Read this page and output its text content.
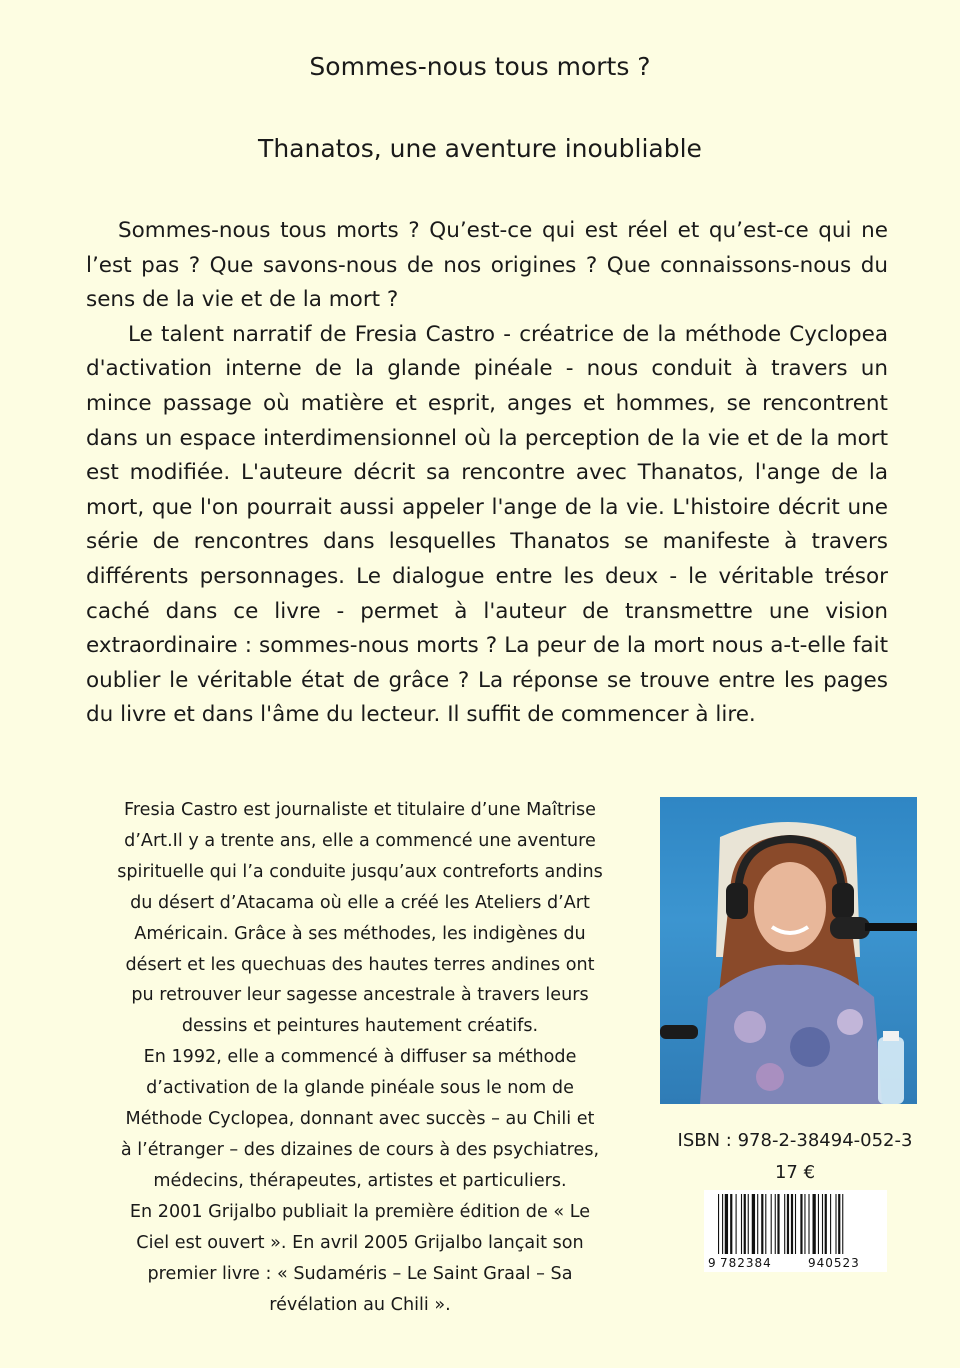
Sommes-nous tous morts ?
Thanatos, une aventure inoubliable

Sommes-nous tous morts ? Qu’est-ce qui est réel et qu’est-ce qui ne l’est pas ? Que savons-nous de nos origines ? Que connaissons-nous du sens de la vie et de la mort ?

Le talent narratif de Fresia Castro - créatrice de la méthode Cyclopea d'activation interne de la glande pinéale - nous conduit à travers un mince passage où matière et esprit, anges et hommes, se rencontrent dans un espace interdimensionnel où la perception de la vie et de la mort est modifiée. L'auteure décrit sa rencontre avec Thanatos, l'ange de la mort, que l'on pourrait aussi appeler l'ange de la vie. L'histoire décrit une série de rencontres dans lesquelles Thanatos se manifeste à travers différents personnages. Le dialogue entre les deux - le véritable trésor caché dans ce livre - permet à l'auteur de transmettre une vision extraordinaire : sommes-nous morts ? La peur de la mort nous a-t-elle fait oublier le véritable état de grâce ? La réponse se trouve entre les pages du livre et dans l'âme du lecteur. Il suffit de commencer à lire.

Fresia Castro est journaliste et titulaire d’une Maîtrise

d’Art.Il y a trente ans, elle a commencé une aventure

spirituelle qui l’a conduite jusqu’aux contreforts andins

du désert d’Atacama où elle a créé les Ateliers d’Art

Américain. Grâce à ses méthodes, les indigènes du

désert et les quechuas des hautes terres andines ont

pu retrouver leur sagesse ancestrale à travers leurs

dessins et peintures hautement créatifs.

En 1992, elle a commencé à diffuser sa méthode

d’activation de la glande pinéale sous le nom de

Méthode Cyclopea, donnant avec succès – au Chili et

à l’étranger – des dizaines de cours à des psychiatres,

médecins, thérapeutes, artistes et particuliers.

En 2001 Grijalbo publiait la première édition de « Le

Ciel est ouvert ». En avril 2005 Grijalbo lançait son

premier livre : « Sudaméris – Le Saint Graal – Sa

révélation au Chili ».

ISBN : 978-2-38494-052-3

17 €

9 782384	940523
